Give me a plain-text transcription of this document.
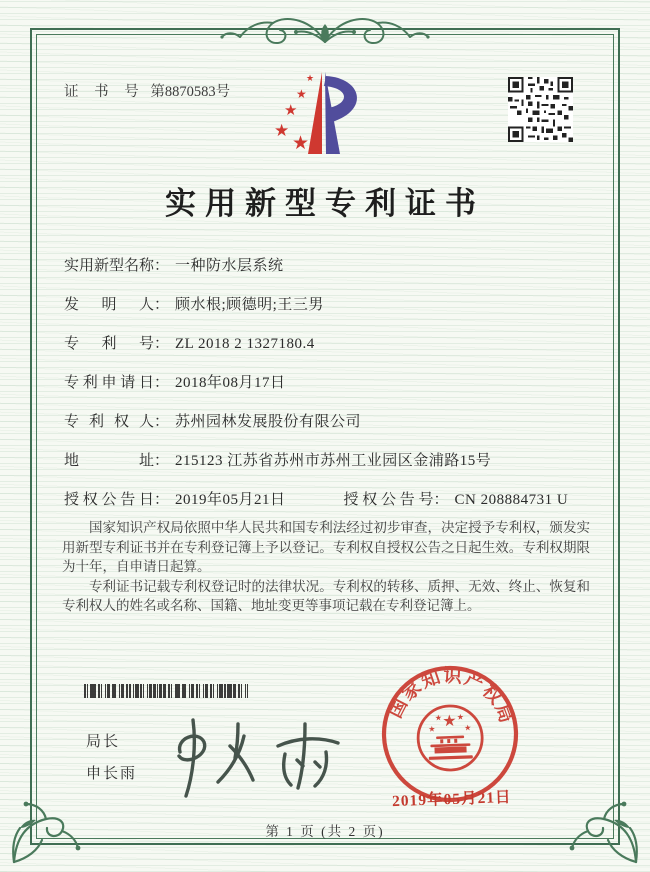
证 书 号 第8870583号
★
★
★
★
★
实用新型专利证书
实用新型名称： 一种防水层系统
发明人： 顾水根;顾德明;王三男
专利号： ZL 2018 2 1327180.4
专利申请日： 2018年08月17日
专利权人： 苏州园林发展股份有限公司
地址： 215123 江苏省苏州市苏州工业园区金浦路15号
授权公告日： 2019年05月21日	授权公告号： CN 208884731 U

国家知识产权局依照中华人民共和国专利法经过初步审查，决定授予专利权，颁发实用新型专利证书并在专利登记簿上予以登记。专利权自授权公告之日起生效。专利权期限为十年，自申请日起算。

专利证书记载专利权登记时的法律状况。专利权的转移、质押、无效、终止、恢复和专利权人的姓名或名称、国籍、地址变更等事项记载在专利登记簿上。

局长
申长雨
国家知识产权局
★
★
★ ★
★
2019年05月21日
第 1 页 (共 2 页)
